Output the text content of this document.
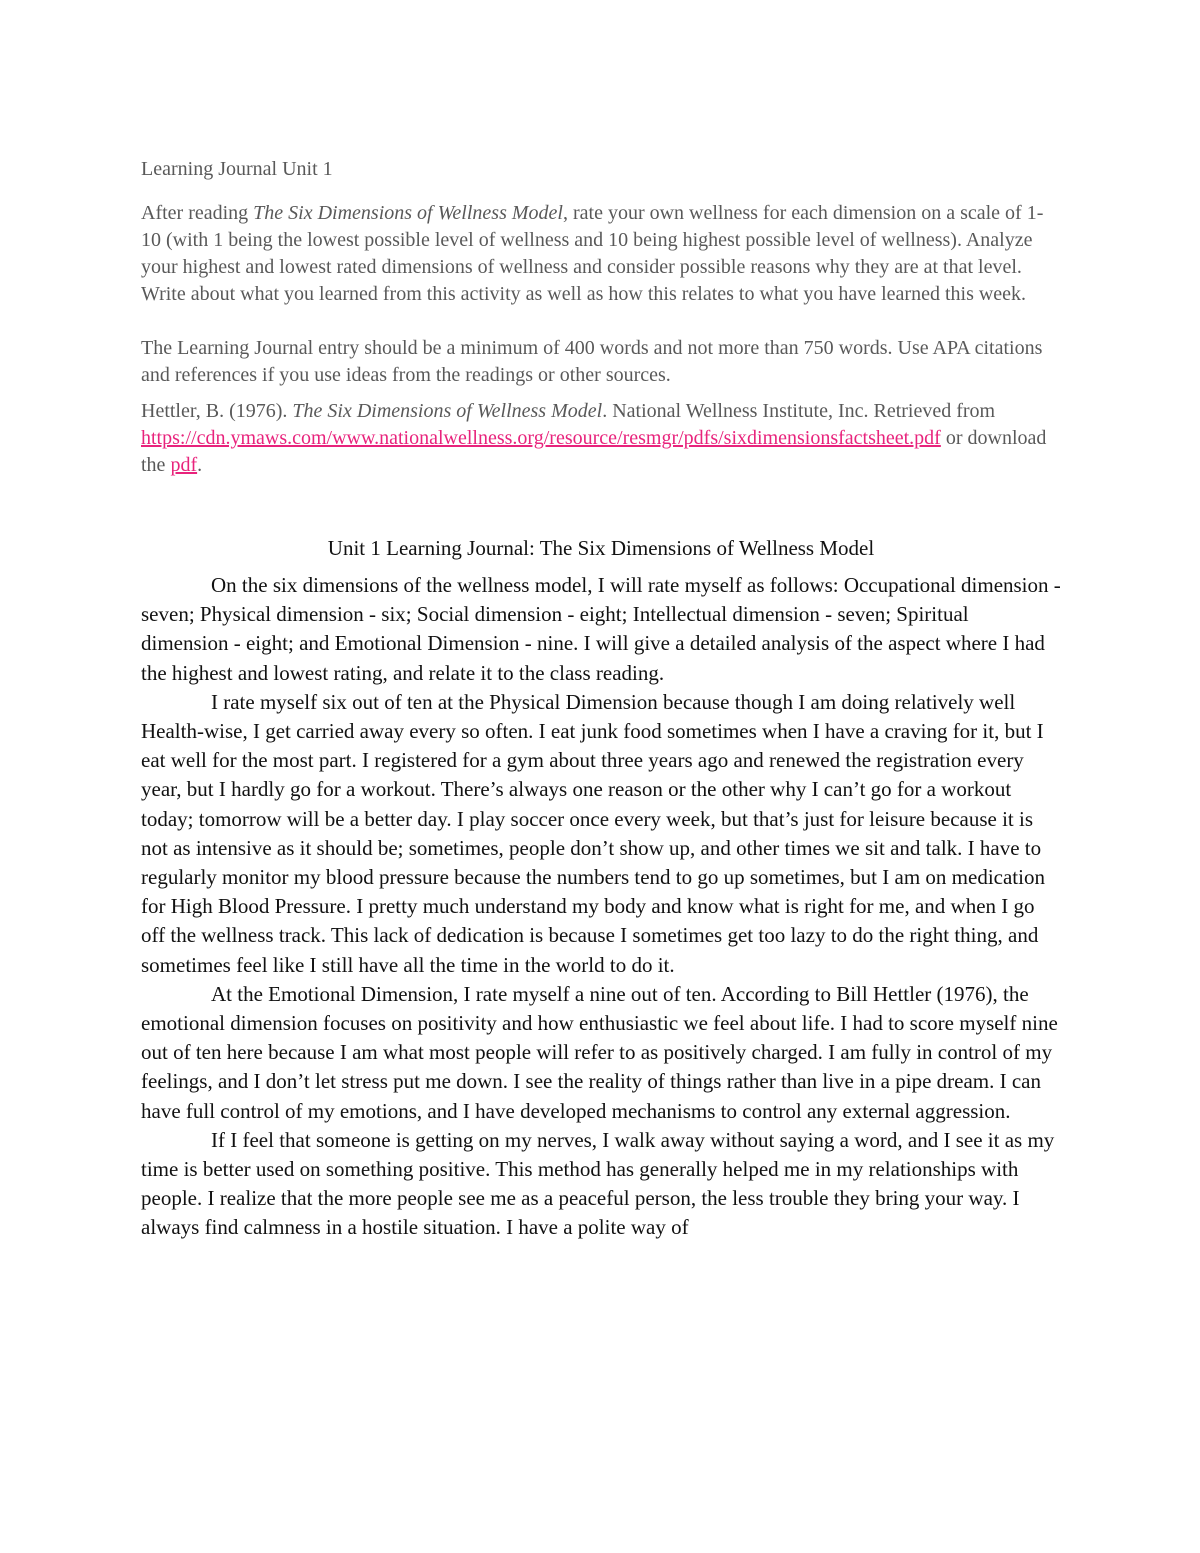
Learning Journal Unit 1

After reading The Six Dimensions of Wellness Model, rate your own wellness for each dimension on a scale of 1-10 (with 1 being the lowest possible level of wellness and 10 being highest possible level of wellness). Analyze your highest and lowest rated dimensions of wellness and consider possible reasons why they are at that level. Write about what you learned from this activity as well as how this relates to what you have learned this week.

The Learning Journal entry should be a minimum of 400 words and not more than 750 words. Use APA citations and references if you use ideas from the readings or other sources.

Hettler, B. (1976). The Six Dimensions of Wellness Model. National Wellness Institute, Inc. Retrieved from https://cdn.ymaws.com/www.nationalwellness.org/resource/resmgr/pdfs/sixdimensionsfactsheet.pdf or download the pdf.

Unit 1 Learning Journal: The Six Dimensions of Wellness Model

On the six dimensions of the wellness model, I will rate myself as follows: Occupational dimension - seven; Physical dimension - six; Social dimension - eight; Intellectual dimension - seven; Spiritual dimension - eight; and Emotional Dimension - nine. I will give a detailed analysis of the aspect where I had the highest and lowest rating, and relate it to the class reading.

I rate myself six out of ten at the Physical Dimension because though I am doing relatively well Health-wise, I get carried away every so often. I eat junk food sometimes when I have a craving for it, but I eat well for the most part. I registered for a gym about three years ago and renewed the registration every year, but I hardly go for a workout. There’s always one reason or the other why I can’t go for a workout today; tomorrow will be a better day. I play soccer once every week, but that’s just for leisure because it is not as intensive as it should be; sometimes, people don’t show up, and other times we sit and talk. I have to regularly monitor my blood pressure because the numbers tend to go up sometimes, but I am on medication for High Blood Pressure. I pretty much understand my body and know what is right for me, and when I go off the wellness track. This lack of dedication is because I sometimes get too lazy to do the right thing, and sometimes feel like I still have all the time in the world to do it.

At the Emotional Dimension, I rate myself a nine out of ten. According to Bill Hettler (1976), the emotional dimension focuses on positivity and how enthusiastic we feel about life. I had to score myself nine out of ten here because I am what most people will refer to as positively charged. I am fully in control of my feelings, and I don’t let stress put me down. I see the reality of things rather than live in a pipe dream. I can have full control of my emotions, and I have developed mechanisms to control any external aggression.

If I feel that someone is getting on my nerves, I walk away without saying a word, and I see it as my time is better used on something positive. This method has generally helped me in my relationships with people. I realize that the more people see me as a peaceful person, the less trouble they bring your way. I always find calmness in a hostile situation. I have a polite way of
